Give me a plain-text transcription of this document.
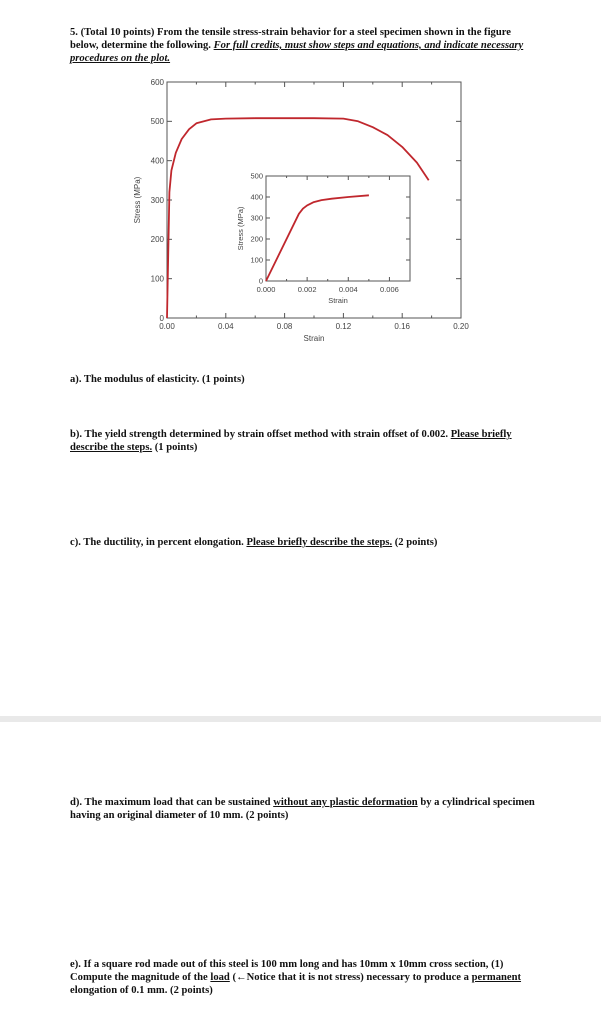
5. (Total 10 points) From the tensile stress-strain behavior for a steel specimen shown in the figure below, determine the following. For full credits, must show steps and equations, and indicate necessary procedures on the plot.
0.00	0.04	0.08	0.12	0.16	0.20
0
100
200
300
400
500
600
Strain
Stress (MPa)
0.000	0.002	0.004	0.006
0
100
200
300
400
500
Strain
Stress (MPa)
a). The modulus of elasticity. (1 points)
b). The yield strength determined by strain offset method with strain offset of 0.002. Please briefly describe the steps. (1 points)
c). The ductility, in percent elongation. Please briefly describe the steps. (2 points)
d). The maximum load that can be sustained without any plastic deformation by a cylindrical specimen having an original diameter of 10 mm. (2 points)
e). If a square rod made out of this steel is 100 mm long and has 10mm x 10mm cross section, (1) Compute the magnitude of the load (←Notice that it is not stress) necessary to produce a permanent elongation of 0.1 mm. (2 points)
